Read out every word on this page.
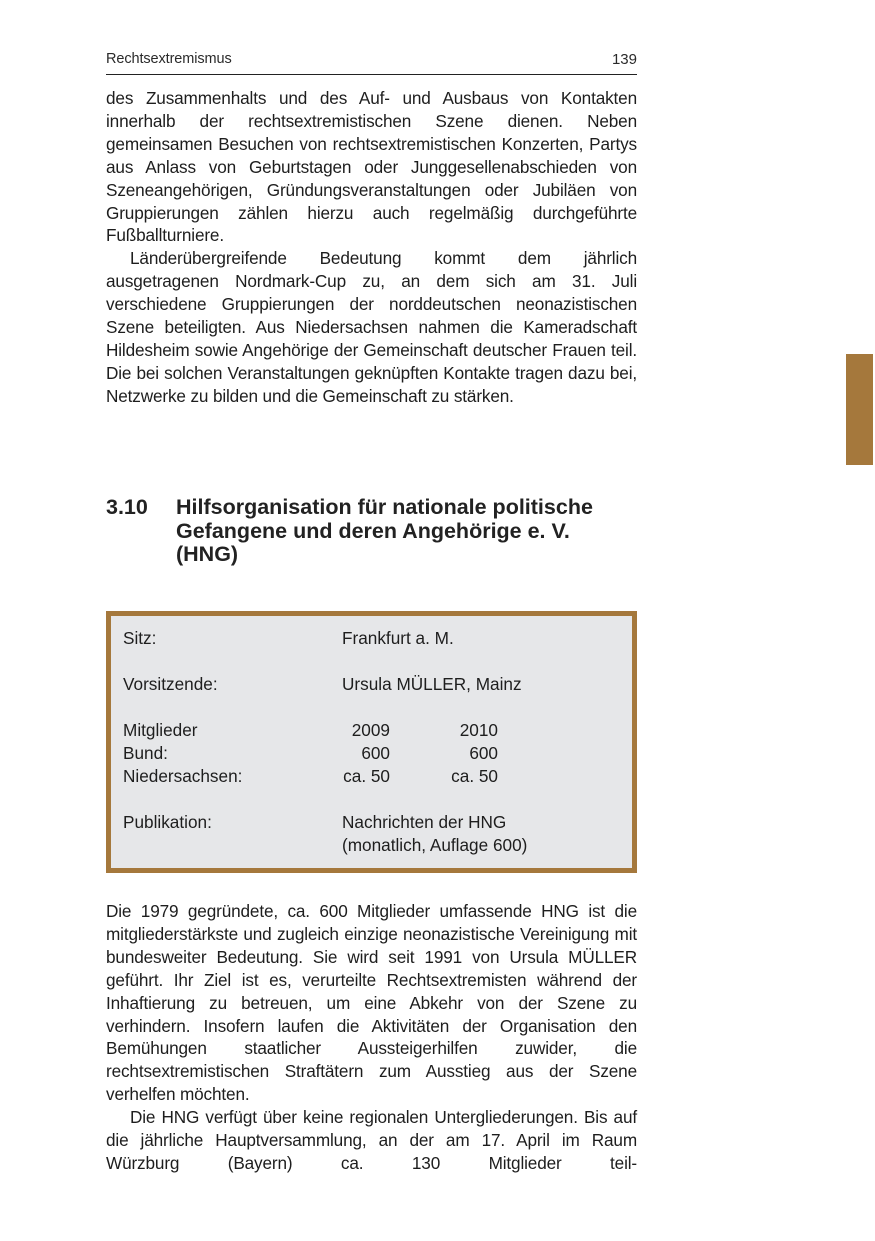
Rechtsextremismus	139

des Zusammenhalts und des Auf- und Ausbaus von Kontakten innerhalb der rechtsextremistischen Szene dienen. Neben gemeinsamen Besuchen von rechtsextremistischen Konzerten, Partys aus Anlass von Geburtstagen oder Junggesellenabschieden von Szeneangehörigen, Gründungsveranstaltungen oder Jubiläen von Gruppierungen zählen hierzu auch regelmäßig durchgeführte Fußballturniere.

Länderübergreifende Bedeutung kommt dem jährlich ausgetragenen Nordmark-Cup zu, an dem sich am 31. Juli verschiedene Gruppierungen der norddeutschen neonazistischen Szene beteiligten. Aus Niedersachsen nahmen die Kameradschaft Hildesheim sowie Angehörige der Gemeinschaft deutscher Frauen teil. Die bei solchen Veranstaltungen geknüpften Kontakte tragen dazu bei, Netzwerke zu bilden und die Gemeinschaft zu stärken.

3.10	Hilfsorganisation für nationale politische Gefangene und deren Angehörige e. V. (HNG)
Sitz:	Frankfurt a. M.
Vorsitzende:	Ursula MÜLLER, Mainz
Mitglieder	2009	2010
Bund:	600	600
Niedersachsen:	ca. 50	ca. 50
Publikation:	Nachrichten der HNG
(monatlich, Auflage 600)

Die 1979 gegründete, ca. 600 Mitglieder umfassende HNG ist die mitgliederstärkste und zugleich einzige neonazistische Vereinigung mit bundesweiter Bedeutung. Sie wird seit 1991 von Ursula MÜLLER geführt. Ihr Ziel ist es, verurteilte Rechtsextremisten während der Inhaftierung zu betreuen, um eine Abkehr von der Szene zu verhindern. Insofern laufen die Aktivitäten der Organisation den Bemühungen staatlicher Aussteigerhilfen zuwider, die rechtsextremistischen Straftätern zum Ausstieg aus der Szene verhelfen möchten.

Die HNG verfügt über keine regionalen Untergliederungen. Bis auf die jährliche Hauptversammlung, an der am 17. April im Raum Würzburg (Bayern) ca. 130 Mitglieder teil-
